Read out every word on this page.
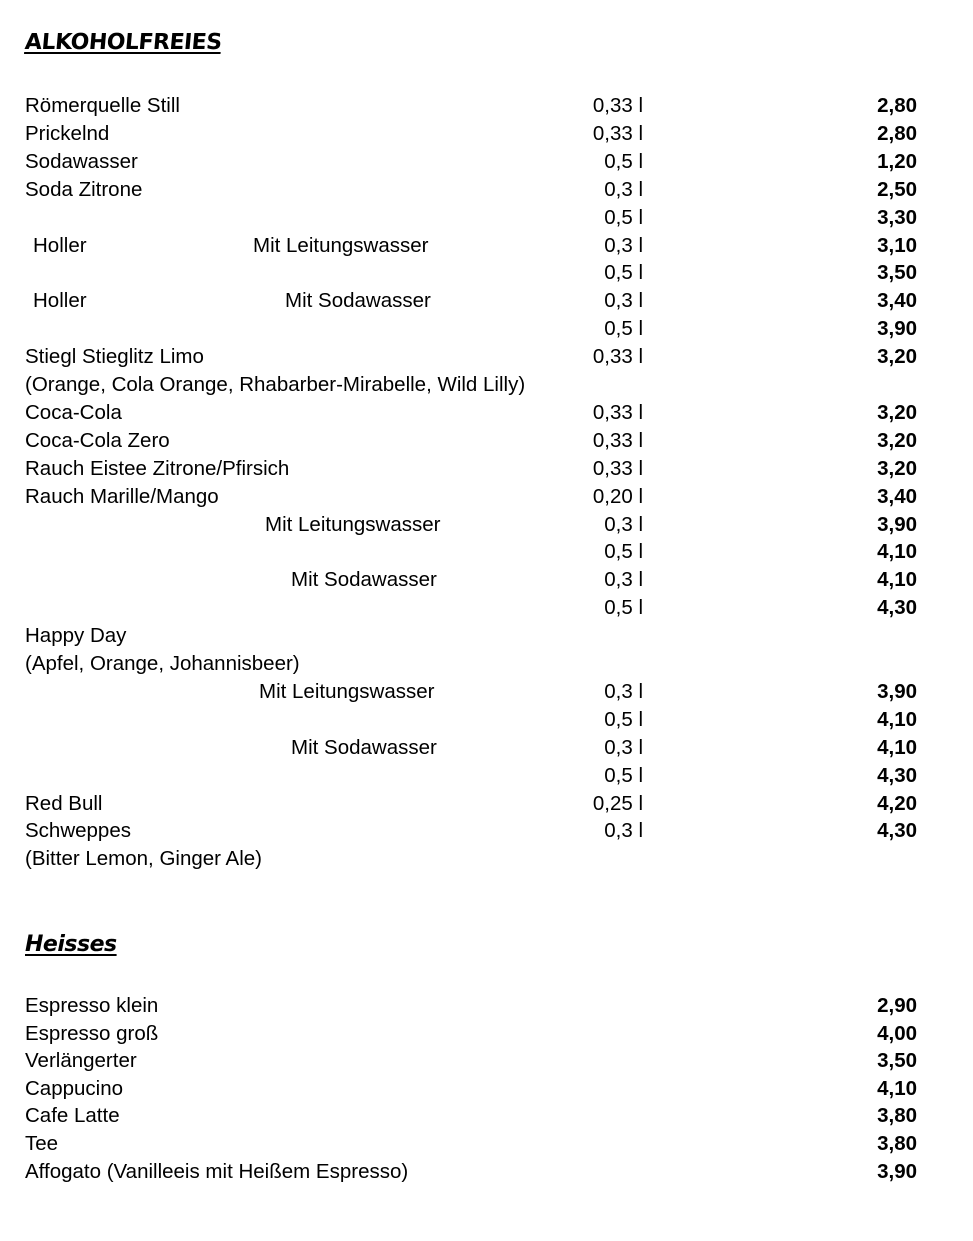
ALKOHOLFREIES
Römerquelle Still	0,33 l	2,80
Prickelnd	0,33 l	2,80
Sodawasser	0,5 l	1,20
Soda Zitrone	0,3 l	2,50
0,5 l	3,30
Holler	Mit Leitungswasser	0,3 l	3,10
0,5 l	3,50
Holler	Mit Sodawasser	0,3 l	3,40
0,5 l	3,90
Stiegl Stieglitz Limo	0,33 l	3,20
(Orange, Cola Orange, Rhabarber-Mirabelle, Wild Lilly)
Coca-Cola	0,33 l	3,20
Coca-Cola Zero	0,33 l	3,20
Rauch Eistee Zitrone/Pfirsich	0,33 l	3,20
Rauch Marille/Mango	0,20 l	3,40
Mit Leitungswasser	0,3 l	3,90
0,5 l	4,10
Mit Sodawasser	0,3 l	4,10
0,5 l	4,30
Happy Day
(Apfel, Orange, Johannisbeer)
Mit Leitungswasser	0,3 l	3,90
0,5 l	4,10
Mit Sodawasser	0,3 l	4,10
0,5 l	4,30
Red Bull	0,25 l	4,20
Schweppes	0,3 l	4,30
(Bitter Lemon, Ginger Ale)
Heisses
Espresso klein	2,90
Espresso groß	4,00
Verlängerter	3,50
Cappucino	4,10
Cafe Latte	3,80
Tee	3,80
Affogato (Vanilleeis mit Heißem Espresso)	3,90
